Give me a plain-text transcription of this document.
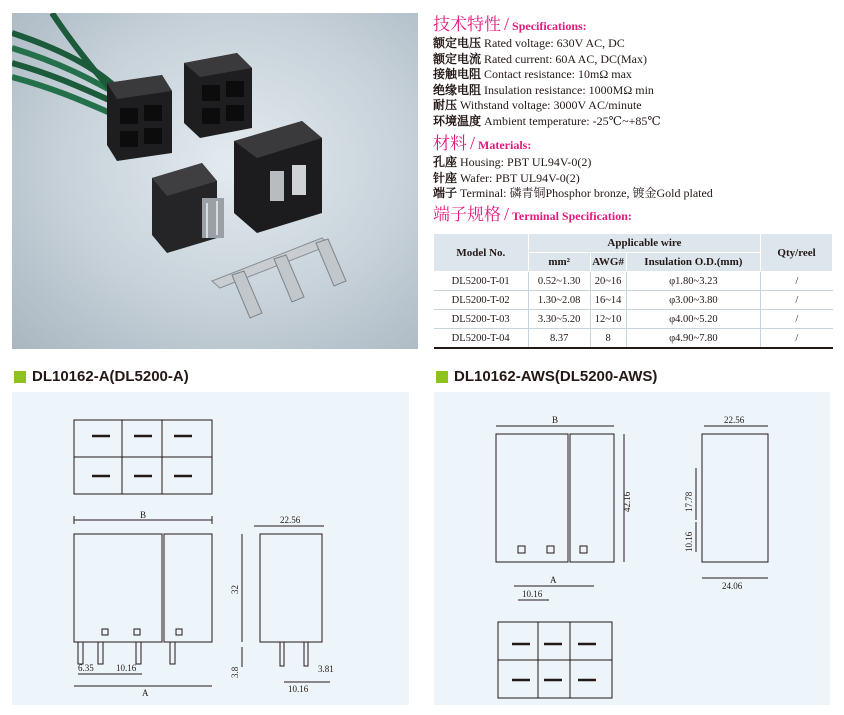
技术特性 / Specifications:
额定电压 Rated voltage: 630V AC, DC
额定电流 Rated current: 60A AC, DC(Max)
接触电阻 Contact resistance: 10mΩ max
绝缘电阻 Insulation resistance: 1000MΩ min
耐压 Withstand voltage: 3000V AC/minute
环境温度 Ambient temperature: -25℃~+85℃
材料 / Materials:
孔座 Housing: PBT UL94V-0(2)
针座 Wafer: PBT UL94V-0(2)
端子 Terminal: 磷青铜Phosphor bronze, 镀金Gold plated
端子规格 / Terminal Specification:
Model No.	Applicable wire			Qty/reel
	mm²	AWG#	Insulation O.D.(mm)	
DL5200-T-01	0.52~1.30	20~16	φ1.80~3.23	/
DL5200-T-02	1.30~2.08	16~14	φ3.00~3.80	/
DL5200-T-03	3.30~5.20	12~10	φ4.00~5.20	/
DL5200-T-04	8.37	8	φ4.90~7.80	/
DL10162-A(DL5200-A)	DL10162-AWS(DL5200-AWS)
B
A
22.56
32
6.35 10.16
10.16
3.8	3.81
B
A
10.16
22.56
24.06
42.16	17.78
10.16
